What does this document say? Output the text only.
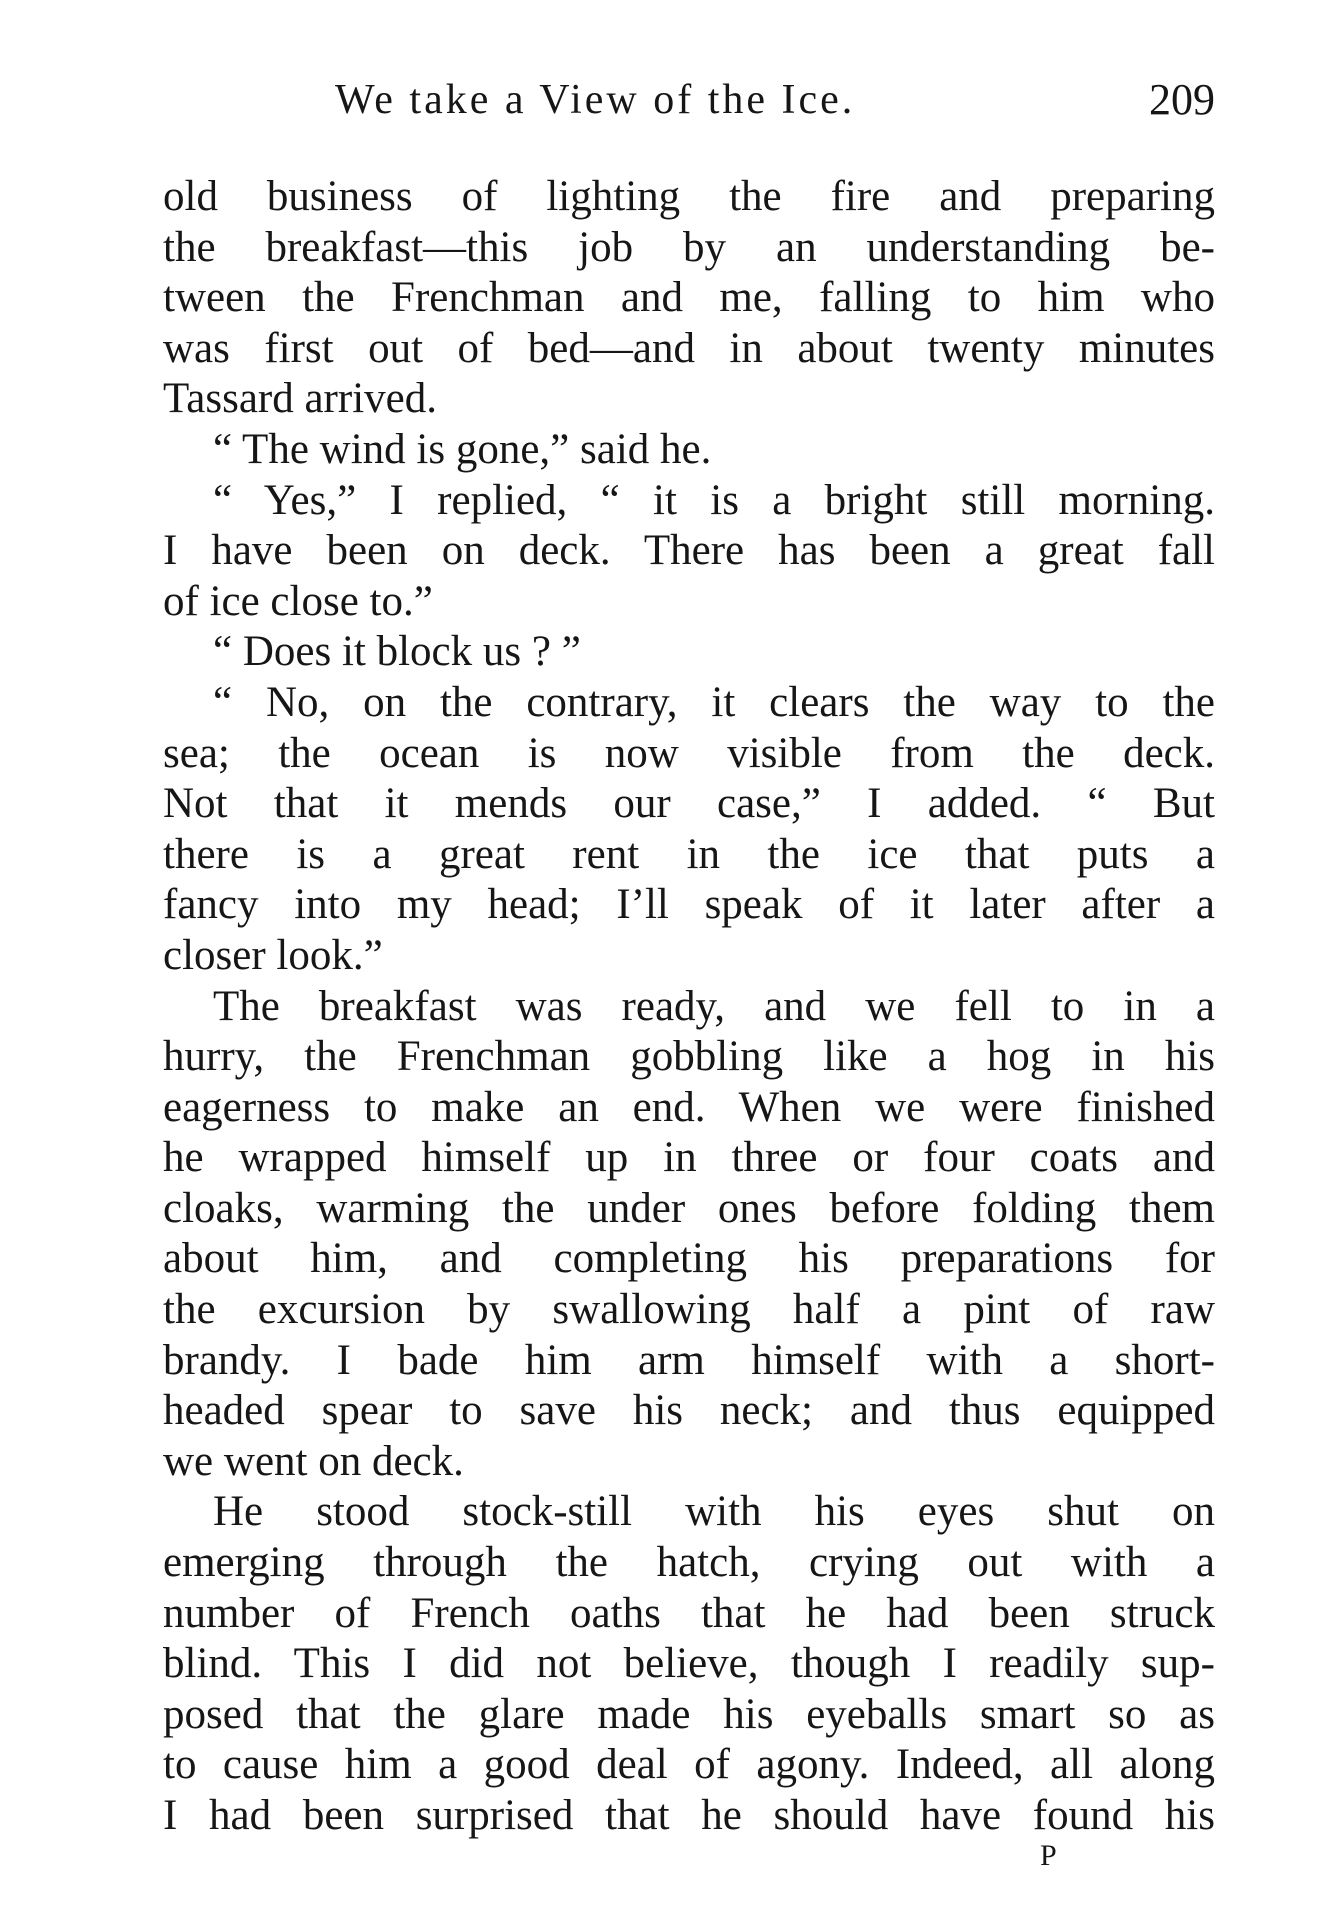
We take a View of the Ice.	209
old business of lighting the fire and preparing
the breakfast—this job by an understanding be-
tween the Frenchman and me, falling to him who
was first out of bed—and in about twenty minutes
Tassard arrived.
“ The wind is gone,” said he.
“ Yes,” I replied, “ it is a bright still morning.
I have been on deck. There has been a great fall
of ice close to.”
“ Does it block us ? ”
“ No, on the contrary, it clears the way to the
sea; the ocean is now visible from the deck.
Not that it mends our case,” I added. “ But
there is a great rent in the ice that puts a
fancy into my head; I’ll speak of it later after a
closer look.”
The breakfast was ready, and we fell to in a
hurry, the Frenchman gobbling like a hog in his
eagerness to make an end. When we were finished
he wrapped himself up in three or four coats and
cloaks, warming the under ones before folding them
about him, and completing his preparations for
the excursion by swallowing half a pint of raw
brandy. I bade him arm himself with a short-
headed spear to save his neck; and thus equipped
we went on deck.
He stood stock-still with his eyes shut on
emerging through the hatch, crying out with a
number of French oaths that he had been struck
blind. This I did not believe, though I readily sup-
posed that the glare made his eyeballs smart so as
to cause him a good deal of agony. Indeed, all along
I had been surprised that he should have found his
P
